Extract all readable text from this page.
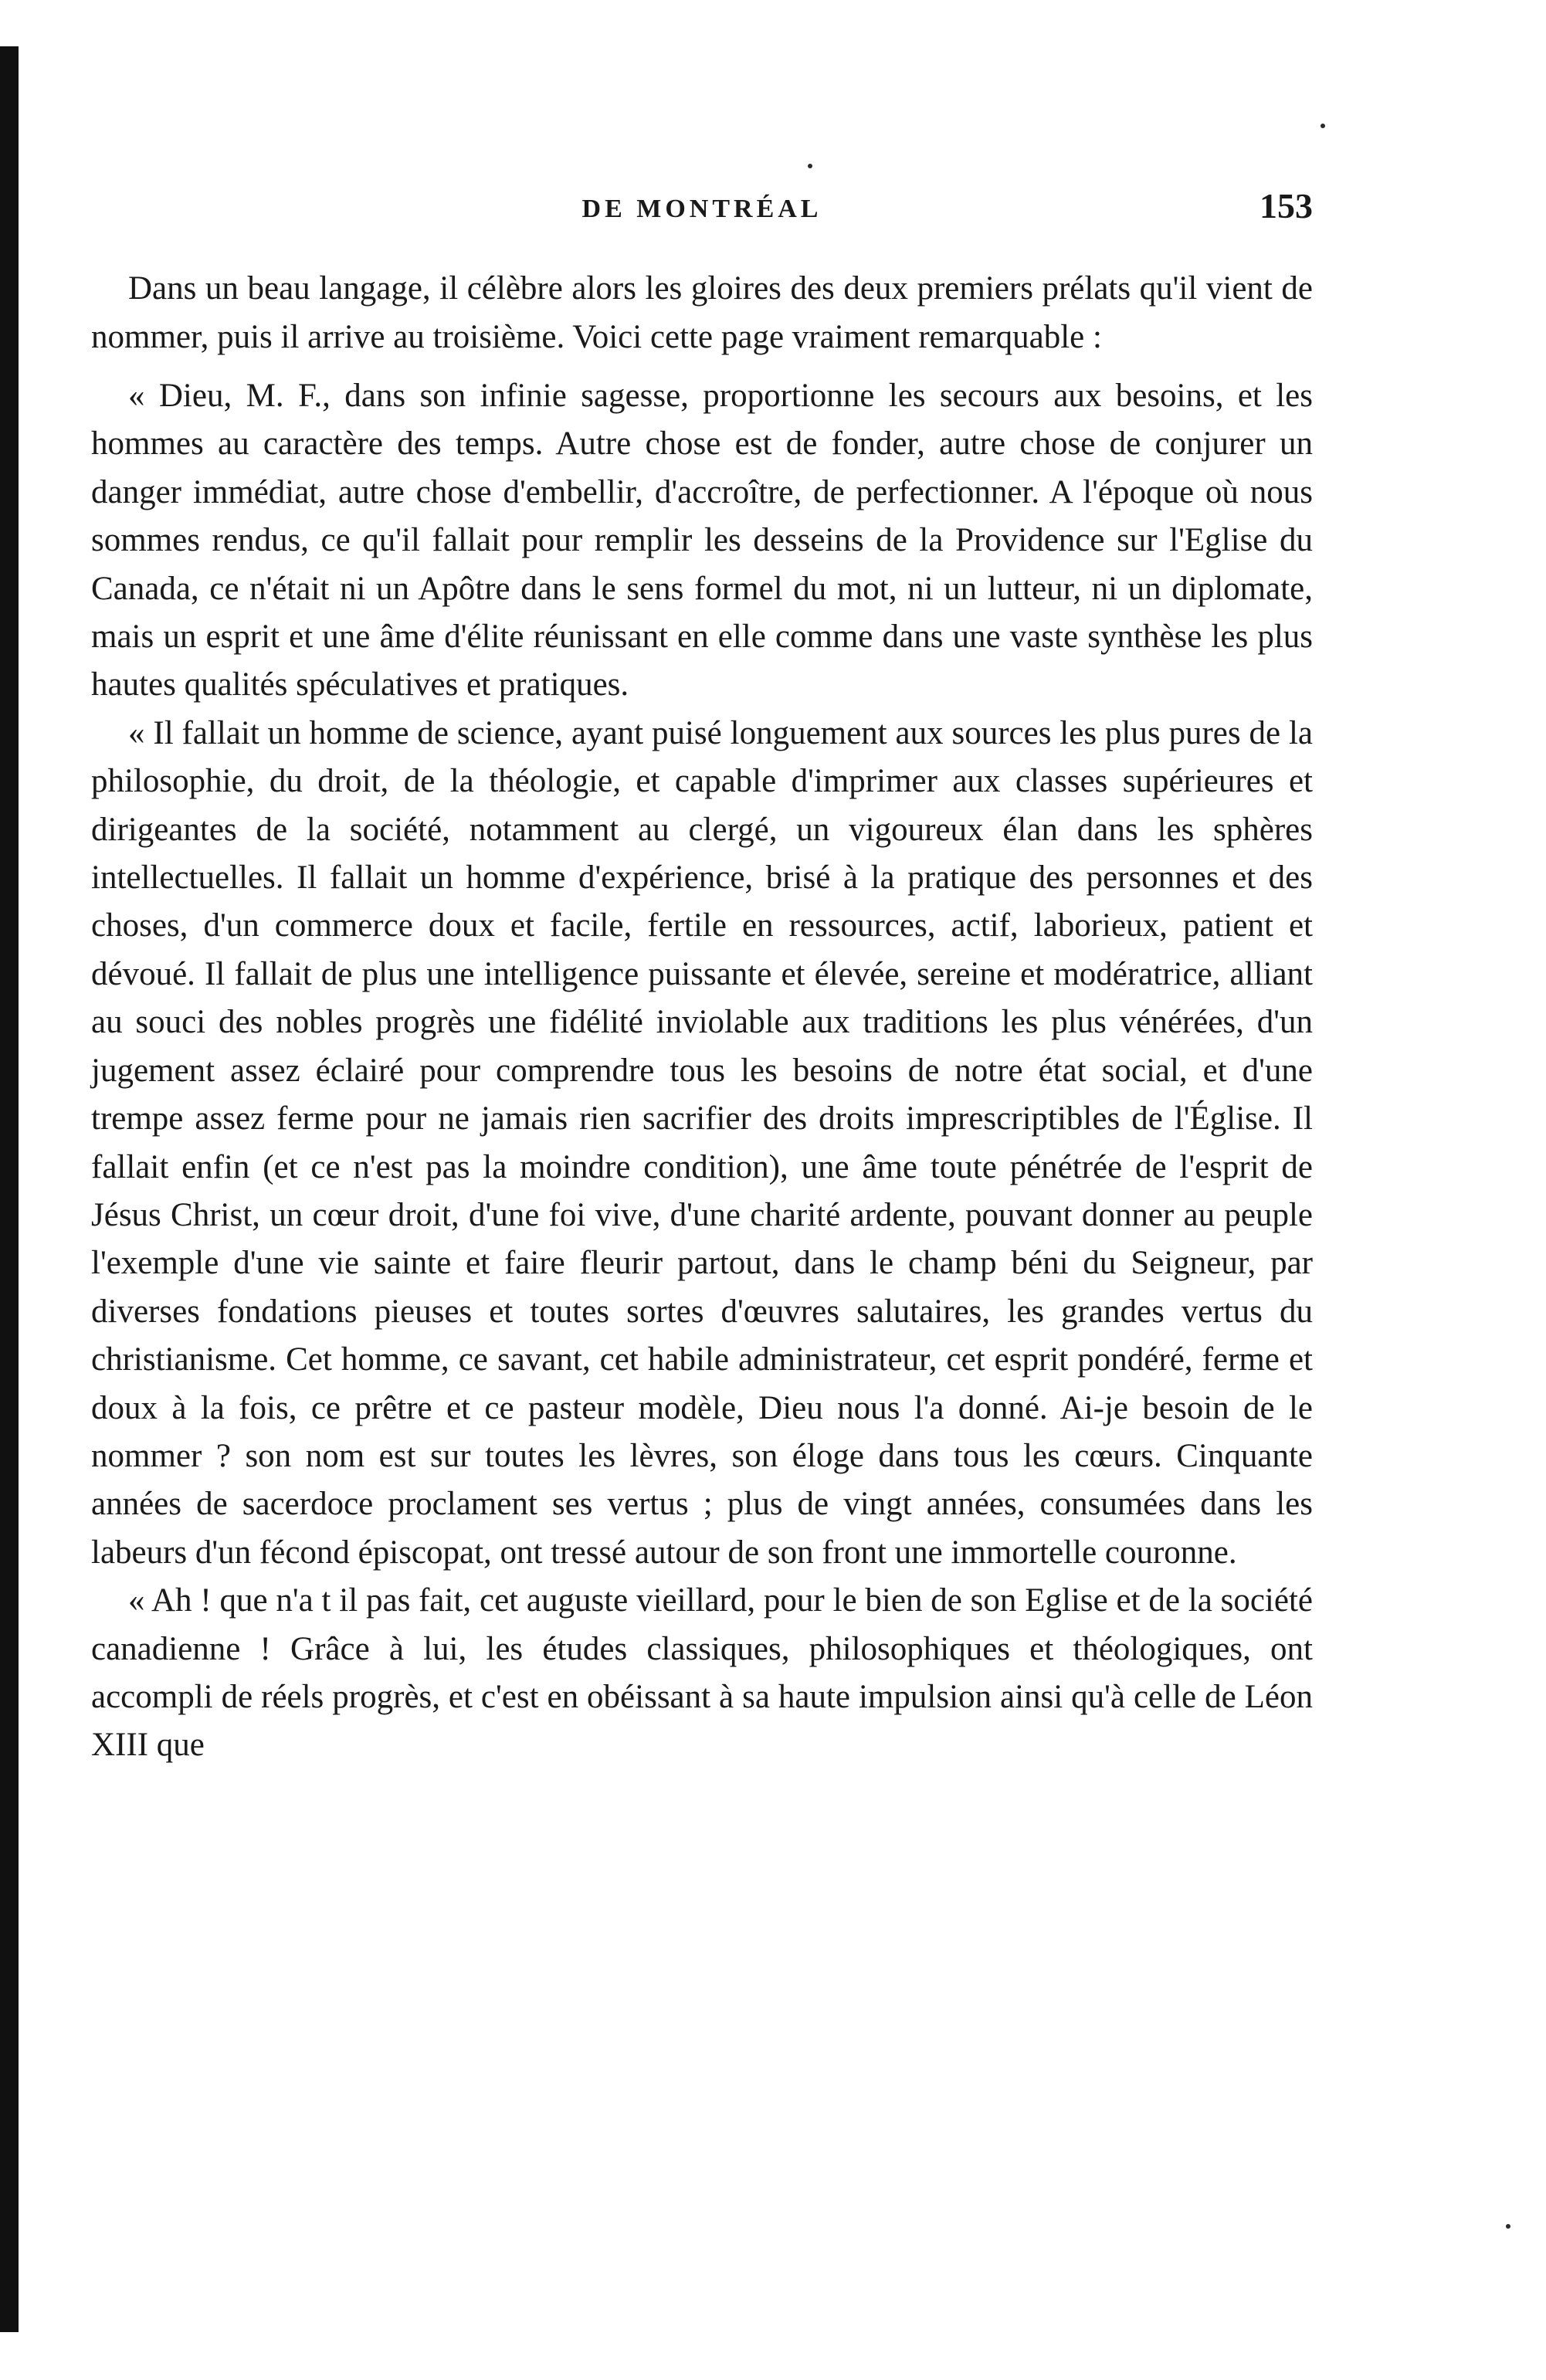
DE MONTRÉAL	153

Dans un beau langage, il célèbre alors les gloires des deux premiers prélats qu'il vient de nommer, puis il arrive au troisième. Voici cette page vraiment remarquable :

« Dieu, M. F., dans son infinie sagesse, proportionne les secours aux besoins, et les hommes au caractère des temps. Autre chose est de fonder, autre chose de conjurer un danger immédiat, autre chose d'embellir, d'accroître, de perfectionner. A l'époque où nous sommes rendus, ce qu'il fallait pour remplir les desseins de la Providence sur l'Eglise du Canada, ce n'était ni un Apôtre dans le sens formel du mot, ni un lutteur, ni un diplomate, mais un esprit et une âme d'élite réunissant en elle comme dans une vaste synthèse les plus hautes qualités spéculatives et pratiques.

« Il fallait un homme de science, ayant puisé longuement aux sources les plus pures de la philosophie, du droit, de la théologie, et capable d'imprimer aux classes supérieures et dirigeantes de la société, notamment au clergé, un vigoureux élan dans les sphères intellectuelles. Il fallait un homme d'expérience, brisé à la pratique des personnes et des choses, d'un commerce doux et facile, fertile en ressources, actif, laborieux, patient et dévoué. Il fallait de plus une intelligence puissante et élevée, sereine et modératrice, alliant au souci des nobles progrès une fidélité inviolable aux traditions les plus vénérées, d'un jugement assez éclairé pour comprendre tous les besoins de notre état social, et d'une trempe assez ferme pour ne jamais rien sacrifier des droits imprescriptibles de l'Église. Il fallait enfin (et ce n'est pas la moindre condition), une âme toute pénétrée de l'esprit de Jésus Christ, un cœur droit, d'une foi vive, d'une charité ardente, pouvant donner au peuple l'exemple d'une vie sainte et faire fleurir partout, dans le champ béni du Seigneur, par diverses fondations pieuses et toutes sortes d'œuvres salutaires, les grandes vertus du christianisme. Cet homme, ce savant, cet habile administrateur, cet esprit pondéré, ferme et doux à la fois, ce prêtre et ce pasteur modèle, Dieu nous l'a donné. Ai-je besoin de le nommer ? son nom est sur toutes les lèvres, son éloge dans tous les cœurs. Cinquante années de sacerdoce proclament ses vertus ; plus de vingt années, consumées dans les labeurs d'un fécond épiscopat, ont tressé autour de son front une immortelle couronne.

« Ah ! que n'a t il pas fait, cet auguste vieillard, pour le bien de son Eglise et de la société canadienne ! Grâce à lui, les études classiques, philosophiques et théologiques, ont accompli de réels progrès, et c'est en obéissant à sa haute impulsion ainsi qu'à celle de Léon XIII que
